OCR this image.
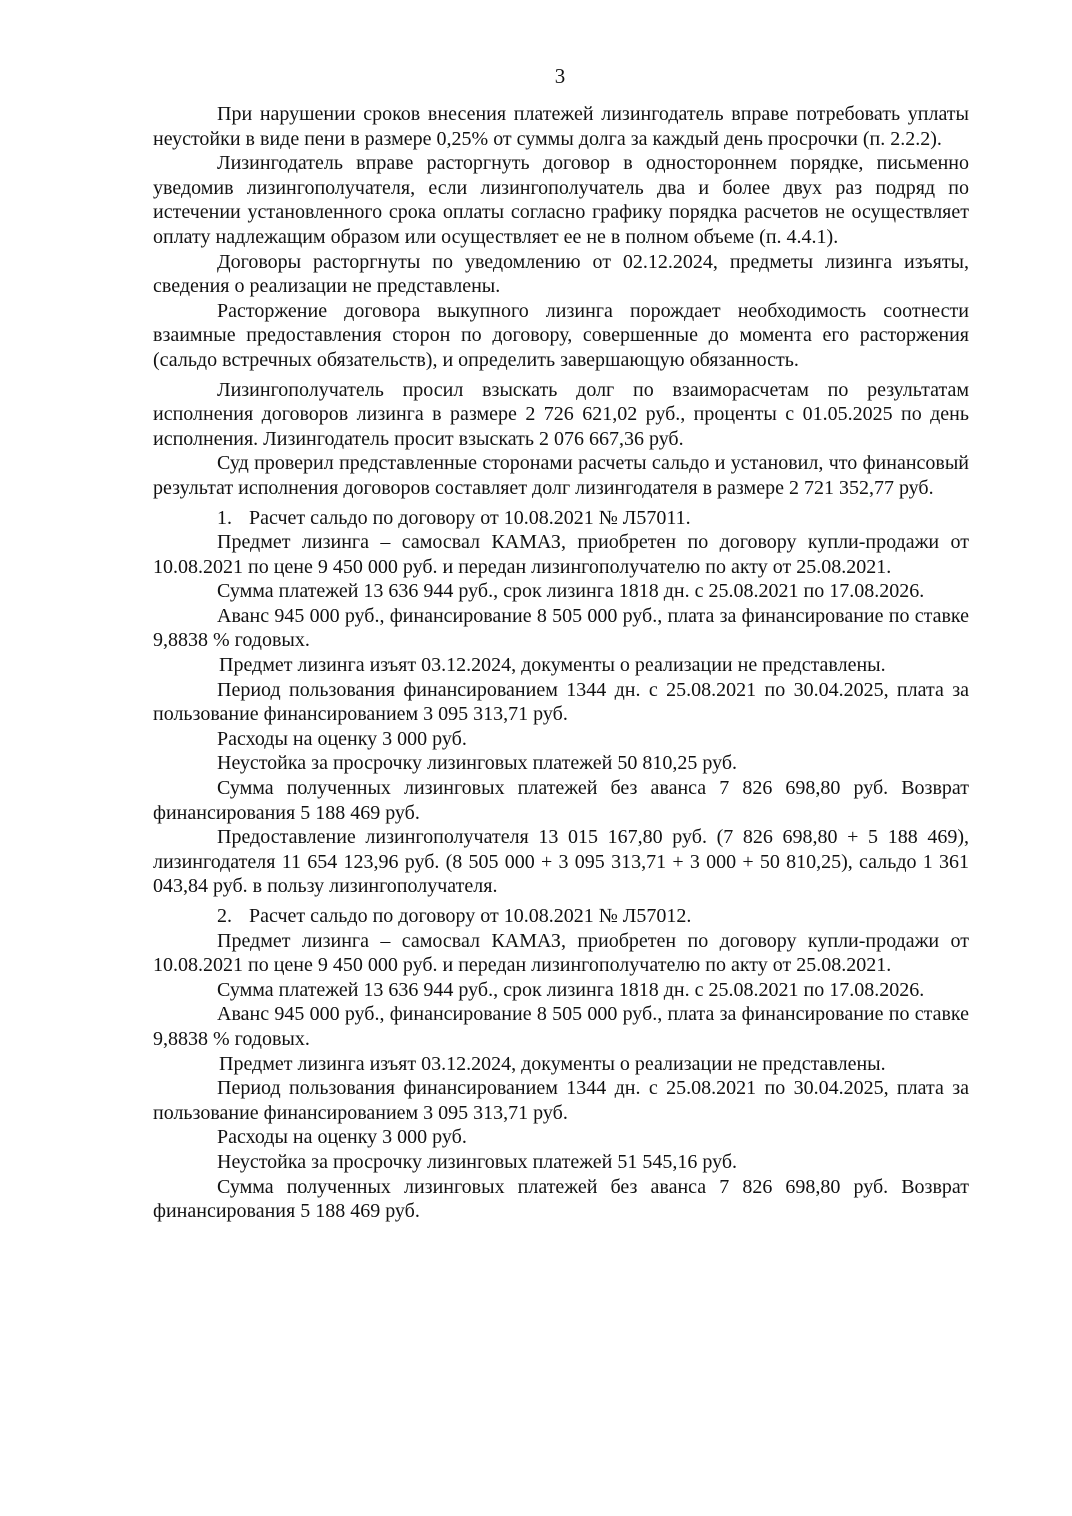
3

При нарушении сроков внесения платежей лизингодатель вправе потребовать уплаты неустойки в виде пени в размере 0,25% от суммы долга за каждый день просрочки (п. 2.2.2).

Лизингодатель вправе расторгнуть договор в одностороннем порядке, письменно уведомив лизингополучателя, если лизингополучатель два и более двух раз подряд по истечении установленного срока оплаты согласно графику порядка расчетов не осуществляет оплату надлежащим образом или осуществляет ее не в полном объеме (п. 4.4.1).

Договоры расторгнуты по уведомлению от 02.12.2024, предметы лизинга изъяты, сведения о реализации не представлены.

Расторжение договора выкупного лизинга порождает необходимость соотнести взаимные предоставления сторон по договору, совершенные до момента его расторжения (сальдо встречных обязательств), и определить завершающую обязанность.

Лизингополучатель просил взыскать долг по взаиморасчетам по результатам исполнения договоров лизинга в размере 2 726 621,02 руб., проценты с 01.05.2025 по день исполнения. Лизингодатель просит взыскать 2 076 667,36 руб.

Суд проверил представленные сторонами расчеты сальдо и установил, что финансовый результат исполнения договоров составляет долг лизингодателя в размере 2 721 352,77 руб.

1. Расчет сальдо по договору от 10.08.2021 № Л57011.

Предмет лизинга – самосвал КАМАЗ, приобретен по договору купли-продажи от 10.08.2021 по цене 9 450 000 руб. и передан лизингополучателю по акту от 25.08.2021.

Сумма платежей 13 636 944 руб., срок лизинга 1818 дн. с 25.08.2021 по 17.08.2026.

Аванс 945 000 руб., финансирование 8 505 000 руб., плата за финансирование по ставке 9,8838 % годовых.

Предмет лизинга изъят 03.12.2024, документы о реализации не представлены.

Период пользования финансированием 1344 дн. с 25.08.2021 по 30.04.2025, плата за пользование финансированием 3 095 313,71 руб.

Расходы на оценку 3 000 руб.

Неустойка за просрочку лизинговых платежей 50 810,25 руб.

Сумма полученных лизинговых платежей без аванса 7 826 698,80 руб. Возврат финансирования 5 188 469 руб.

Предоставление лизингополучателя 13 015 167,80 руб. (7 826 698,80 + 5 188 469), лизингодателя 11 654 123,96 руб. (8 505 000 + 3 095 313,71 + 3 000 + 50 810,25), сальдо 1 361 043,84 руб. в пользу лизингополучателя.

2. Расчет сальдо по договору от 10.08.2021 № Л57012.

Предмет лизинга – самосвал КАМАЗ, приобретен по договору купли-продажи от 10.08.2021 по цене 9 450 000 руб. и передан лизингополучателю по акту от 25.08.2021.

Сумма платежей 13 636 944 руб., срок лизинга 1818 дн. с 25.08.2021 по 17.08.2026.

Аванс 945 000 руб., финансирование 8 505 000 руб., плата за финансирование по ставке 9,8838 % годовых.

Предмет лизинга изъят 03.12.2024, документы о реализации не представлены.

Период пользования финансированием 1344 дн. с 25.08.2021 по 30.04.2025, плата за пользование финансированием 3 095 313,71 руб.

Расходы на оценку 3 000 руб.

Неустойка за просрочку лизинговых платежей 51 545,16 руб.

Сумма полученных лизинговых платежей без аванса 7 826 698,80 руб. Возврат финансирования 5 188 469 руб.
